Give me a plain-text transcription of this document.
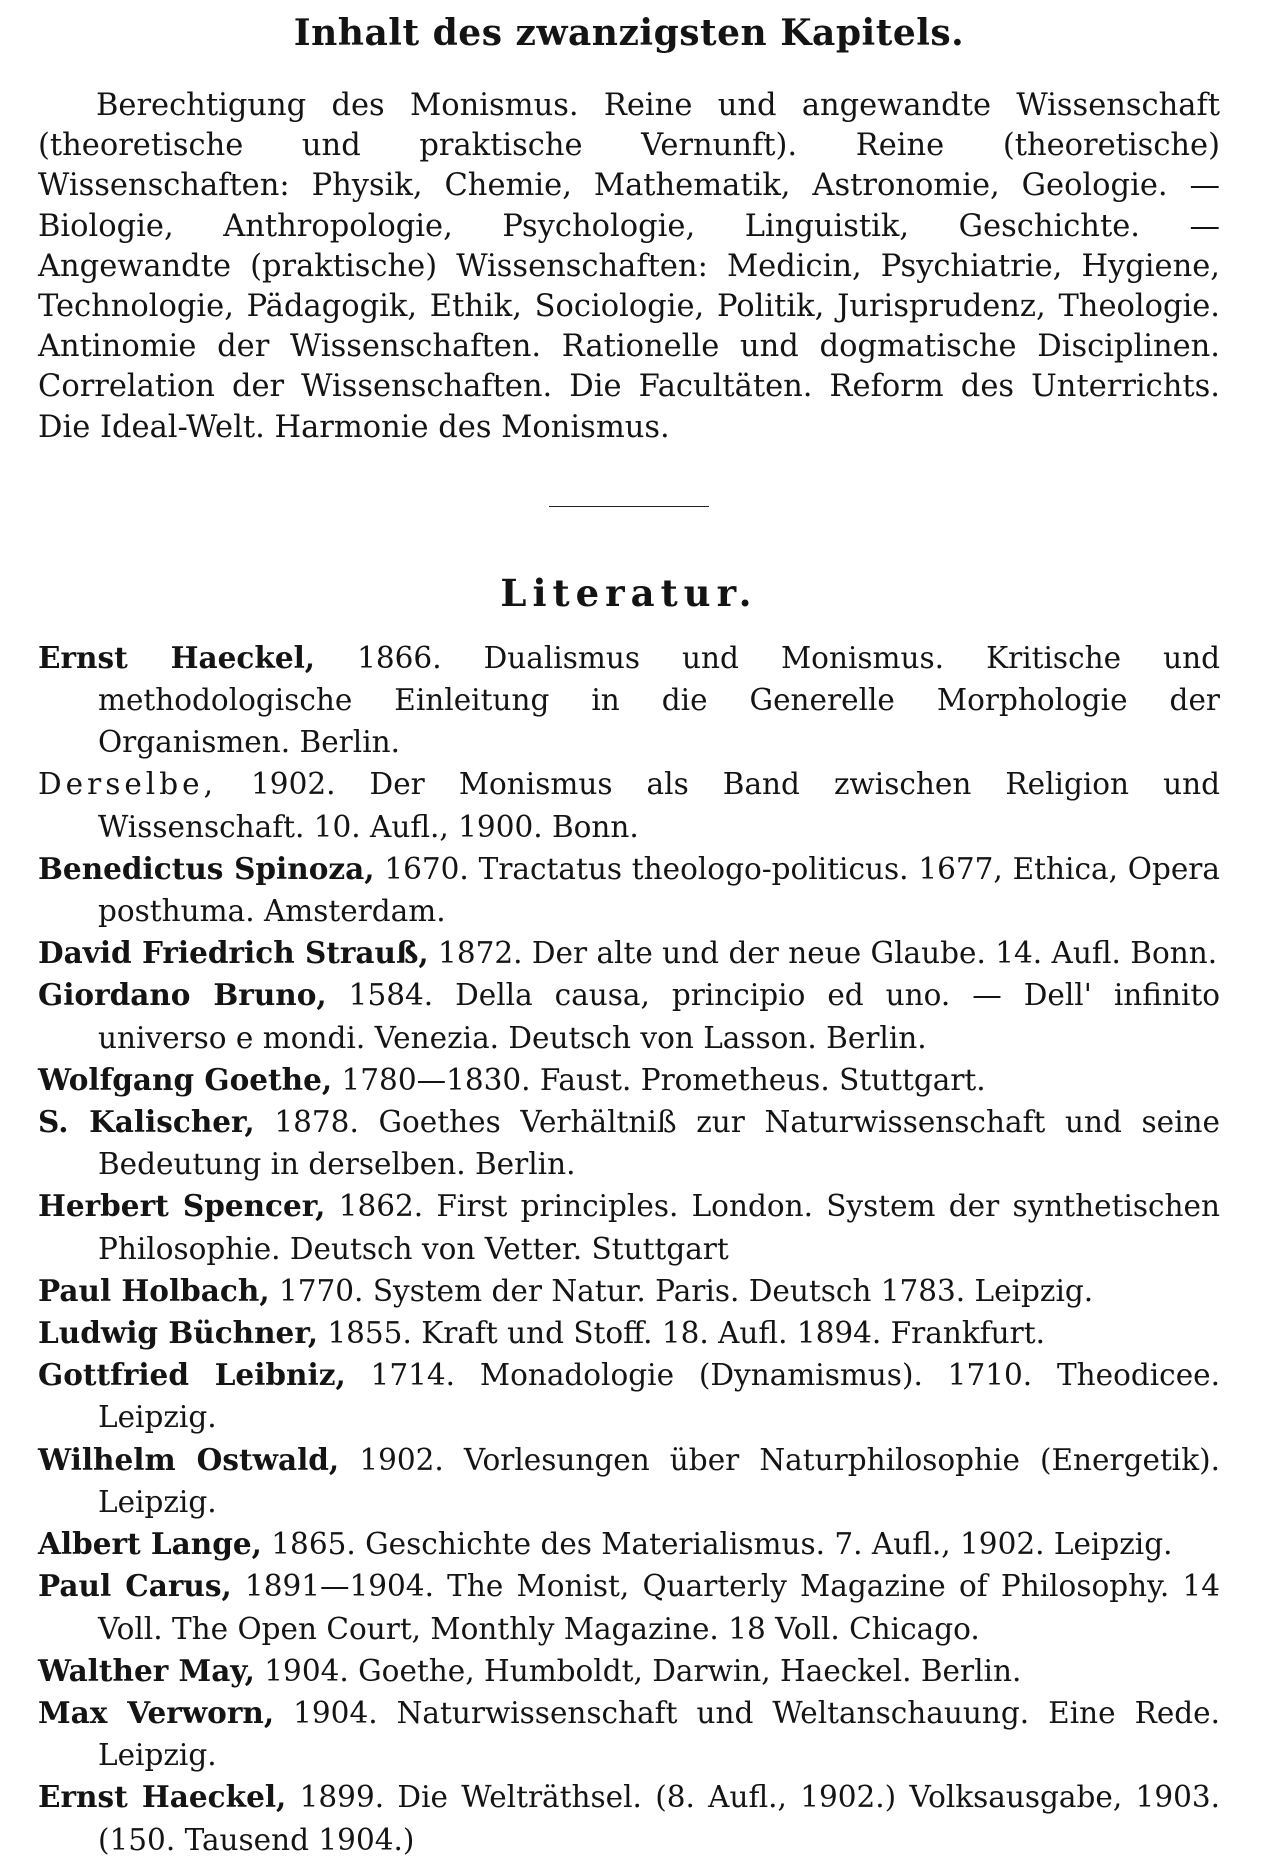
Inhalt des zwanzigsten Kapitels.

Berechtigung des Monismus. Reine und angewandte Wissenschaft (theoretische und praktische Vernunft). Reine (theoretische) Wissenschaften: Physik, Chemie, Mathematik, Astronomie, Geologie. — Biologie, Anthropologie, Psychologie, Linguistik, Geschichte. — Angewandte (praktische) Wissenschaften: Medicin, Psychiatrie, Hygiene, Technologie, Pädagogik, Ethik, Sociologie, Politik, Jurisprudenz, Theologie. Antinomie der Wissenschaften. Rationelle und dogmatische Disciplinen. Correlation der Wissenschaften. Die Facultäten. Reform des Unterrichts. Die Ideal-Welt. Harmonie des Monismus.

Literatur.
Ernst Haeckel, 1866. Dualismus und Monismus. Kritische und methodologische Einleitung in die Generelle Morphologie der Organismen. Berlin.
Derselbe, 1902. Der Monismus als Band zwischen Religion und Wissenschaft. 10. Aufl., 1900. Bonn.
Benedictus Spinoza, 1670. Tractatus theologo-politicus. 1677, Ethica, Opera posthuma. Amsterdam.
David Friedrich Strauß, 1872. Der alte und der neue Glaube. 14. Aufl. Bonn.
Giordano Bruno, 1584. Della causa, principio ed uno. — Dell' infinito universo e mondi. Venezia. Deutsch von Lasson. Berlin.
Wolfgang Goethe, 1780—1830. Faust. Prometheus. Stuttgart.
S. Kalischer, 1878. Goethes Verhältniß zur Naturwissenschaft und seine Bedeutung in derselben. Berlin.
Herbert Spencer, 1862. First principles. London. System der synthetischen Philosophie. Deutsch von Vetter. Stuttgart
Paul Holbach, 1770. System der Natur. Paris. Deutsch 1783. Leipzig.
Ludwig Büchner, 1855. Kraft und Stoff. 18. Aufl. 1894. Frankfurt.
Gottfried Leibniz, 1714. Monadologie (Dynamismus). 1710. Theodicee. Leipzig.
Wilhelm Ostwald, 1902. Vorlesungen über Naturphilosophie (Energetik). Leipzig.
Albert Lange, 1865. Geschichte des Materialismus. 7. Aufl., 1902. Leipzig.
Paul Carus, 1891—1904. The Monist, Quarterly Magazine of Philosophy. 14 Voll. The Open Court, Monthly Magazine. 18 Voll. Chicago.
Walther May, 1904. Goethe, Humboldt, Darwin, Haeckel. Berlin.
Max Verworn, 1904. Naturwissenschaft und Weltanschauung. Eine Rede. Leipzig.
Ernst Haeckel, 1899. Die Welträthsel. (8. Aufl., 1902.) Volksausgabe, 1903. (150. Tausend 1904.)
